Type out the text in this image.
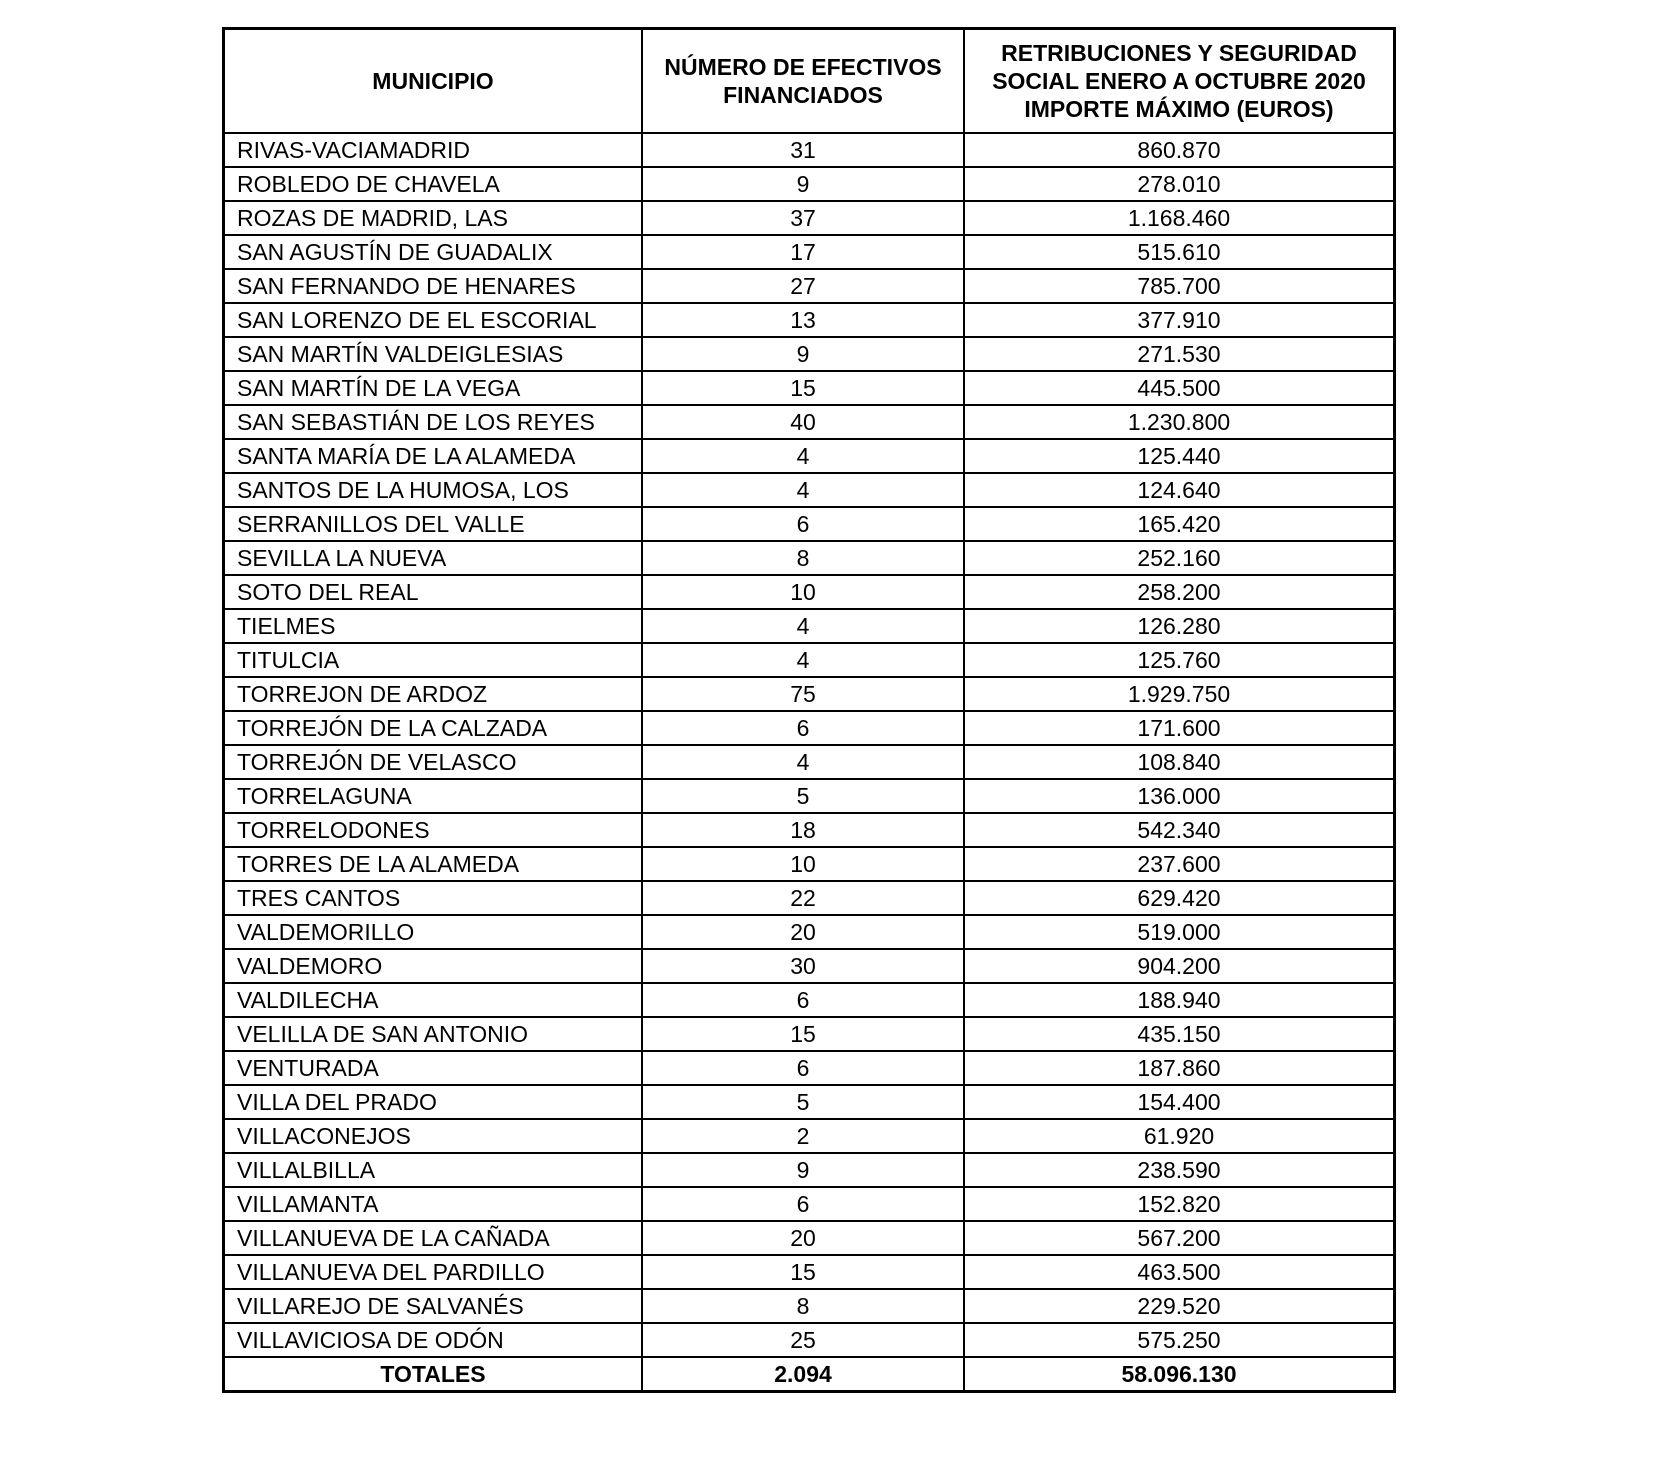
MUNICIPIO	NÚMERO DE EFECTIVOS FINANCIADOS	RETRIBUCIONES Y SEGURIDAD SOCIAL ENERO A OCTUBRE 2020 IMPORTE MÁXIMO (EUROS)
RIVAS-VACIAMADRID	31	860.870
ROBLEDO DE CHAVELA	9	278.010
ROZAS DE MADRID, LAS	37	1.168.460
SAN AGUSTÍN DE GUADALIX	17	515.610
SAN FERNANDO DE HENARES	27	785.700
SAN LORENZO DE EL ESCORIAL	13	377.910
SAN MARTÍN VALDEIGLESIAS	9	271.530
SAN MARTÍN DE LA VEGA	15	445.500
SAN SEBASTIÁN DE LOS REYES	40	1.230.800
SANTA MARÍA DE LA ALAMEDA	4	125.440
SANTOS DE LA HUMOSA, LOS	4	124.640
SERRANILLOS DEL VALLE	6	165.420
SEVILLA LA NUEVA	8	252.160
SOTO DEL REAL	10	258.200
TIELMES	4	126.280
TITULCIA	4	125.760
TORREJON DE ARDOZ	75	1.929.750
TORREJÓN DE LA CALZADA	6	171.600
TORREJÓN DE VELASCO	4	108.840
TORRELAGUNA	5	136.000
TORRELODONES	18	542.340
TORRES DE LA ALAMEDA	10	237.600
TRES CANTOS	22	629.420
VALDEMORILLO	20	519.000
VALDEMORO	30	904.200
VALDILECHA	6	188.940
VELILLA DE SAN ANTONIO	15	435.150
VENTURADA	6	187.860
VILLA DEL PRADO	5	154.400
VILLACONEJOS	2	61.920
VILLALBILLA	9	238.590
VILLAMANTA	6	152.820
VILLANUEVA DE LA CAÑADA	20	567.200
VILLANUEVA DEL PARDILLO	15	463.500
VILLAREJO DE SALVANÉS	8	229.520
VILLAVICIOSA DE ODÓN	25	575.250
TOTALES	2.094	58.096.130
